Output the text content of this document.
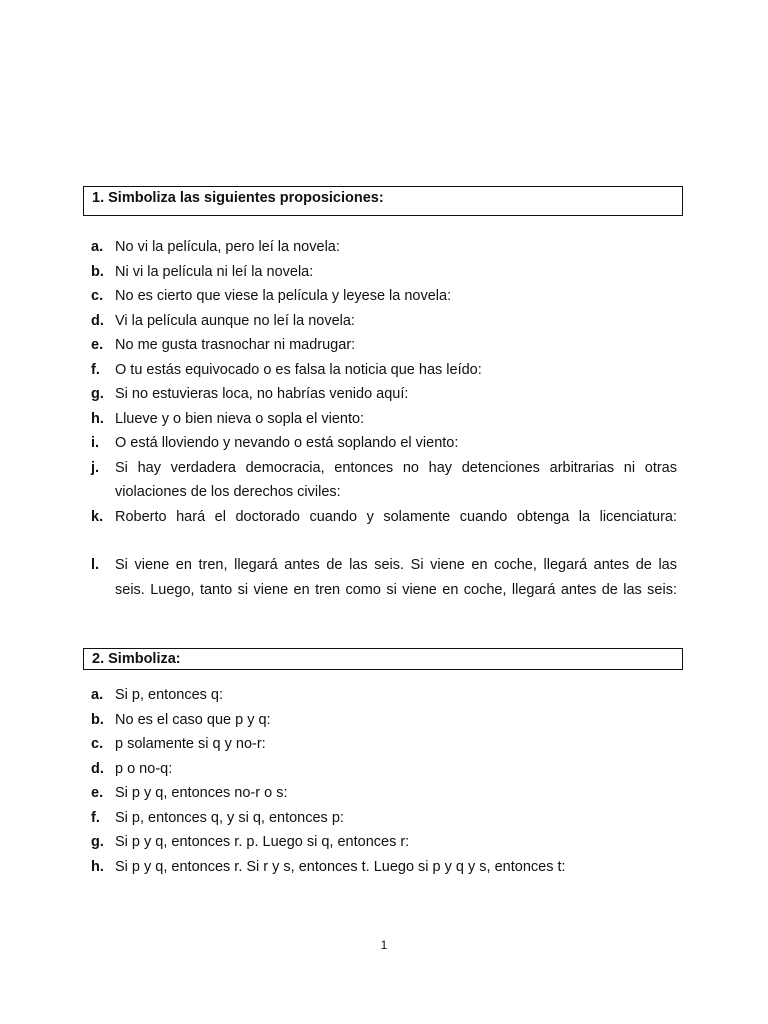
1. Simboliza las siguientes proposiciones:
a. No vi la película, pero leí la novela:
b. Ni vi la película ni leí la novela:
c. No es cierto que viese la película y leyese la novela:
d. Vi la película aunque no leí la novela:
e. No me gusta trasnochar ni madrugar:
f.	O tu estás equivocado o es falsa la noticia que has leído:
g. Si no estuvieras loca, no habrías venido aquí:
h. Llueve y o bien nieva o sopla el viento:
i.	O está lloviendo y nevando o está soplando el viento:
j.	Si hay verdadera democracia, entonces no hay detenciones arbitrarias ni otras
violaciones de los derechos civiles:
k. Roberto hará el doctorado cuando y solamente cuando obtenga la licenciatura:
l.	Si viene en tren, llegará antes de las seis. Si viene en coche, llegará antes de las
seis. Luego, tanto si viene en tren como si viene en coche, llegará antes de las seis:
2. Simboliza:
a. Si p, entonces q:
b. No es el caso que p y q:
c. p solamente si q y no-r:
d. p o no-q:
e. Si p y q, entonces no-r o s:
f.	Si p, entonces q, y si q, entonces p:
g. Si p y q, entonces r. p. Luego si q, entonces r:
h. Si p y q, entonces r. Si r y s, entonces t. Luego si p y q y s, entonces t:
1
